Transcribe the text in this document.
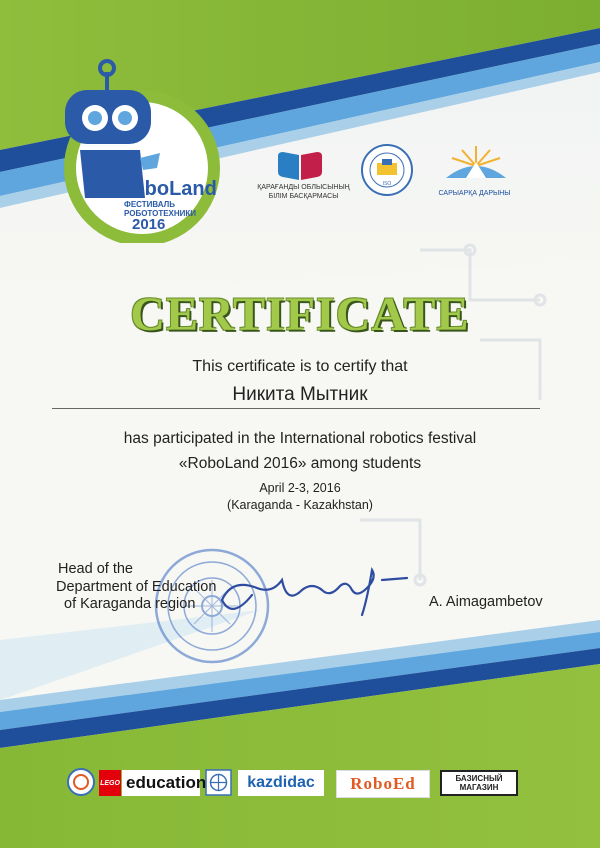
RoboLand
ФЕСТИВАЛЬ РОБОТОТЕХНИКИ
2016
ҚАРАҒАНДЫ ОБЛЫСЫНЫҢ БІЛІМ БАСҚАРМАСЫ
ISO
САРЫАРҚА ДАРЫНЫ
CERTIFICATE
This certificate is to certify that
Никита Мытник
has participated in the International robotics festival
«RoboLand 2016» among students
April 2-3, 2016
(Karaganda - Kazakhstan)
Head of the
Department of Education
of Karaganda region	A. Aimagambetov
LEGO education	kazdidac	RoboEd	БАЗИСНЫЙ
МАГАЗИН
